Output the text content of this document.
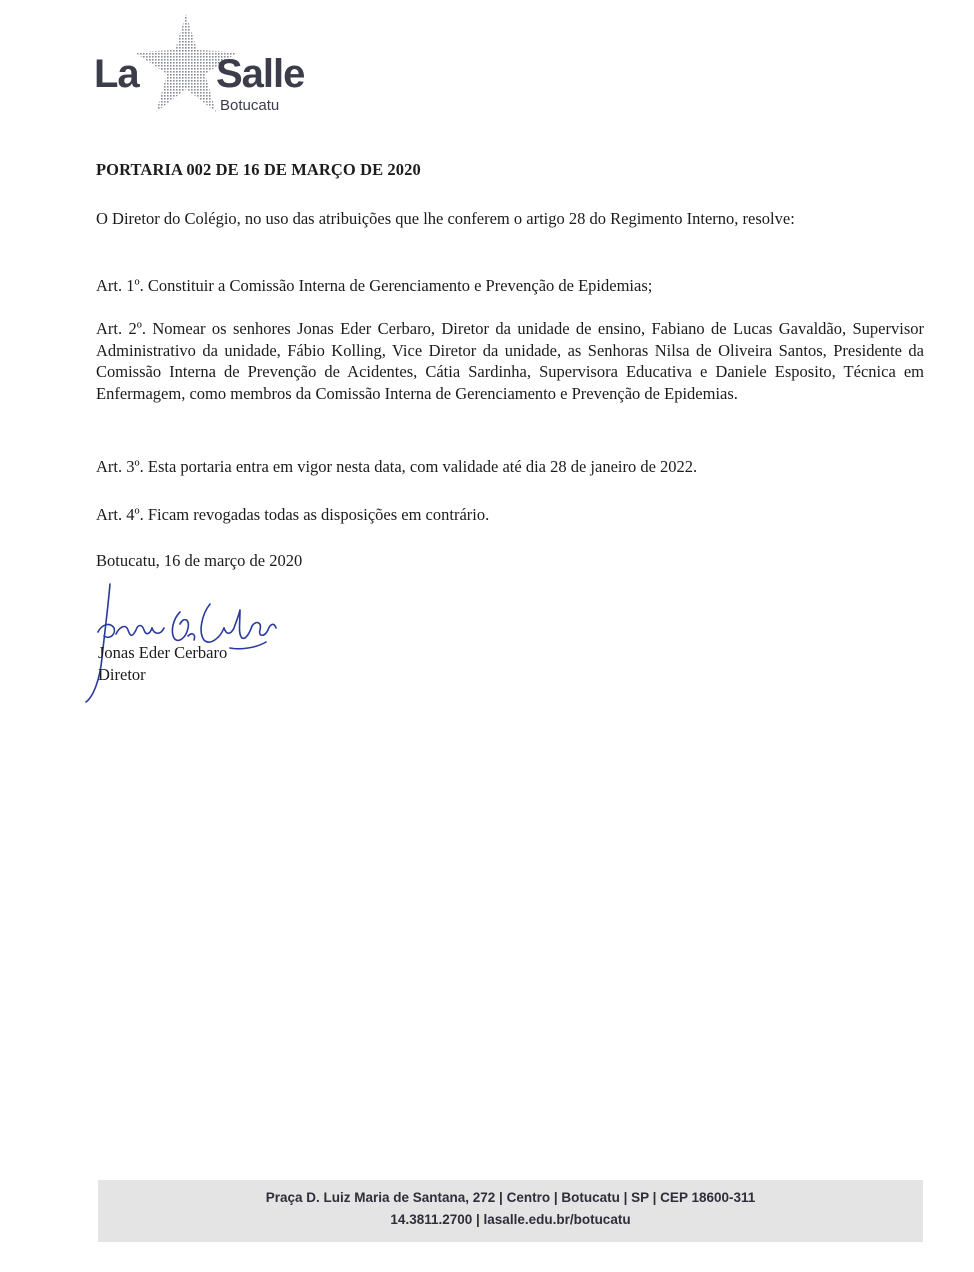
La Salle
Botucatu
PORTARIA 002 DE 16 DE MARÇO DE 2020
O Diretor do Colégio, no uso das atribuições que lhe conferem o artigo 28 do Regimento Interno, resolve:
Art. 1º. Constituir a Comissão Interna de Gerenciamento e Prevenção de Epidemias;
Art. 2º. Nomear os senhores Jonas Eder Cerbaro, Diretor da unidade de ensino, Fabiano de Lucas Gavaldão, Supervisor Administrativo da unidade, Fábio Kolling, Vice Diretor da unidade, as Senhoras Nilsa de Oliveira Santos, Presidente da Comissão Interna de Prevenção de Acidentes, Cátia Sardinha, Supervisora Educativa e Daniele Esposito, Técnica em Enfermagem, como membros da Comissão Interna de Gerenciamento e Prevenção de Epidemias.
Art. 3º. Esta portaria entra em vigor nesta data, com validade até dia 28 de janeiro de 2022.
Art. 4º. Ficam revogadas todas as disposições em contrário.
Botucatu, 16 de março de 2020
Jonas Eder Cerbaro
Diretor
Praça D. Luiz Maria de Santana, 272 | Centro | Botucatu | SP | CEP 18600-311
14.3811.2700 | lasalle.edu.br/botucatu
